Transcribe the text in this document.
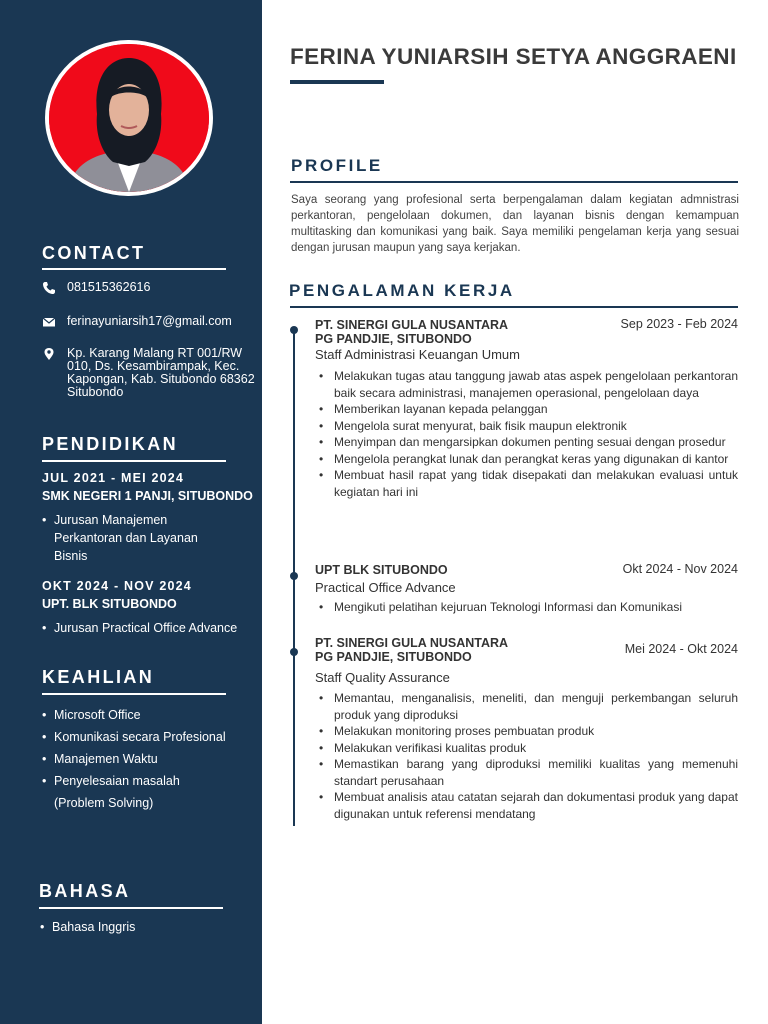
CONTACT
081515362616
ferinayuniarsih17@gmail.com
Kp. Karang Malang RT 001/RW 010, Ds. Kesambirampak, Kec. Kapongan, Kab. Situbondo 68362 Situbondo
PENDIDIKAN
JUL 2021 - MEI 2024
SMK NEGERI 1 PANJI, SITUBONDO
• Jurusan Manajemen Perkantoran dan Layanan Bisnis
OKT 2024 - NOV 2024
UPT. BLK SITUBONDO
• Jurusan Practical Office Advance
KEAHLIAN
• Microsoft Office
• Komunikasi secara Profesional
• Manajemen Waktu
• Penyelesaian masalah (Problem Solving)
BAHASA
• Bahasa Inggris
FERINA YUNIARSIH SETYA ANGGRAENI
PROFILE

Saya seorang yang profesional serta berpengalaman dalam kegiatan admnistrasi perkantoran, pengelolaan dokumen, dan layanan bisnis dengan kemampuan multitasking dan komunikasi yang baik. Saya memiliki pengelaman kerja yang sesuai dengan jurusan maupun yang saya kerjakan.

PENGALAMAN KERJA
PT. SINERGI GULA NUSANTARA
PG PANDJIE, SITUBONDO
Sep 2023 - Feb 2024
Staff Administrasi Keuangan Umum
• Melakukan tugas atau tanggung jawab atas aspek pengelolaan perkantoran baik secara administrasi, manajemen operasional, pengelolaan daya
• Memberikan layanan kepada pelanggan
• Mengelola surat menyurat, baik fisik maupun elektronik
• Menyimpan dan mengarsipkan dokumen penting sesuai dengan prosedur
• Mengelola perangkat lunak dan perangkat keras yang digunakan di kantor
• Membuat hasil rapat yang tidak disepakati dan melakukan evaluasi untuk kegiatan hari ini
UPT BLK SITUBONDO	Okt 2024 - Nov 2024
Practical Office Advance
• Mengikuti pelatihan kejuruan Teknologi Informasi dan Komunikasi
PT. SINERGI GULA NUSANTARA
PG PANDJIE, SITUBONDO
Mei 2024 - Okt 2024
Staff Quality Assurance
• Memantau, menganalisis, meneliti, dan menguji perkembangan seluruh produk yang diproduksi
• Melakukan monitoring proses pembuatan produk
• Melakukan verifikasi kualitas produk
• Memastikan barang yang diproduksi memiliki kualitas yang memenuhi standart perusahaan
• Membuat analisis atau catatan sejarah dan dokumentasi produk yang dapat digunakan untuk referensi mendatang
